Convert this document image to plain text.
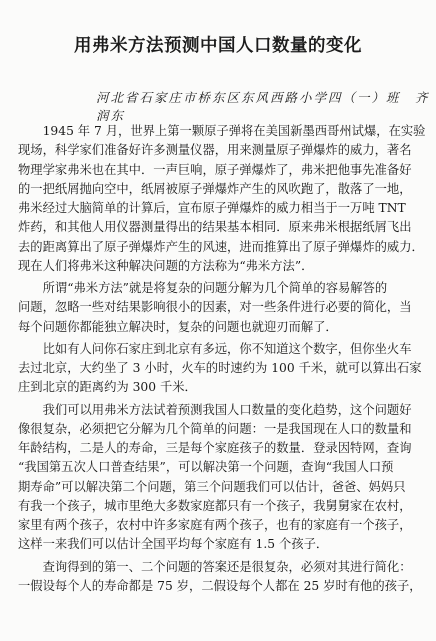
用弗米方法预测中国人口数量的变化
河北省石家庄市桥东区东风西路小学四（一）班　齐润东
　　1945 年 7 月，世界上第一颗原子弹将在美国新墨西哥州试爆，在实验
现场，科学家们准备好许多测量仪器，用来测量原子弹爆炸的威力，著名
物理学家弗米也在其中．一声巨响，原子弹爆炸了，弗米把他事先准备好
的一把纸屑抛向空中，纸屑被原子弹爆炸产生的风吹跑了，散落了一地，
弗米经过大脑简单的计算后，宣布原子弹爆炸的威力相当于一万吨 TNT
炸药，和其他人用仪器测量得出的结果基本相同．原来弗米根据纸屑飞出
去的距离算出了原子弹爆炸产生的风速，进而推算出了原子弹爆炸的威力．
现在人们将弗米这种解决问题的方法称为“弗米方法”．
　　所谓“弗米方法”就是将复杂的问题分解为几个简单的容易解答的
问题，忽略一些对结果影响很小的因素，对一些条件进行必要的简化，当
每个问题你都能独立解决时，复杂的问题也就迎刃而解了．
　　比如有人问你石家庄到北京有多远，你不知道这个数字，但你坐火车
去过北京，大约坐了 3 小时，火车的时速约为 100 千米，就可以算出石家
庄到北京的距离约为 300 千米．
　　我们可以用弗米方法试着预测我国人口数量的变化趋势，这个问题好
像很复杂，必须把它分解为几个简单的问题：一是我国现在人口的数量和
年龄结构，二是人的寿命，三是每个家庭孩子的数量．登录因特网，查询
“我国第五次人口普查结果”，可以解决第一个问题，查询“我国人口预
期寿命”可以解决第二个问题，第三个问题我们可以估计，爸爸、妈妈只
有我一个孩子，城市里绝大多数家庭都只有一个孩子，我舅舅家在农村，
家里有两个孩子，农村中许多家庭有两个孩子，也有的家庭有一个孩子，
这样一来我们可以估计全国平均每个家庭有 1.5 个孩子．
　　查询得到的第一、二个问题的答案还是很复杂，必须对其进行简化：
一假设每个人的寿命都是 75 岁，二假设每个人都在 25 岁时有他的孩子，
